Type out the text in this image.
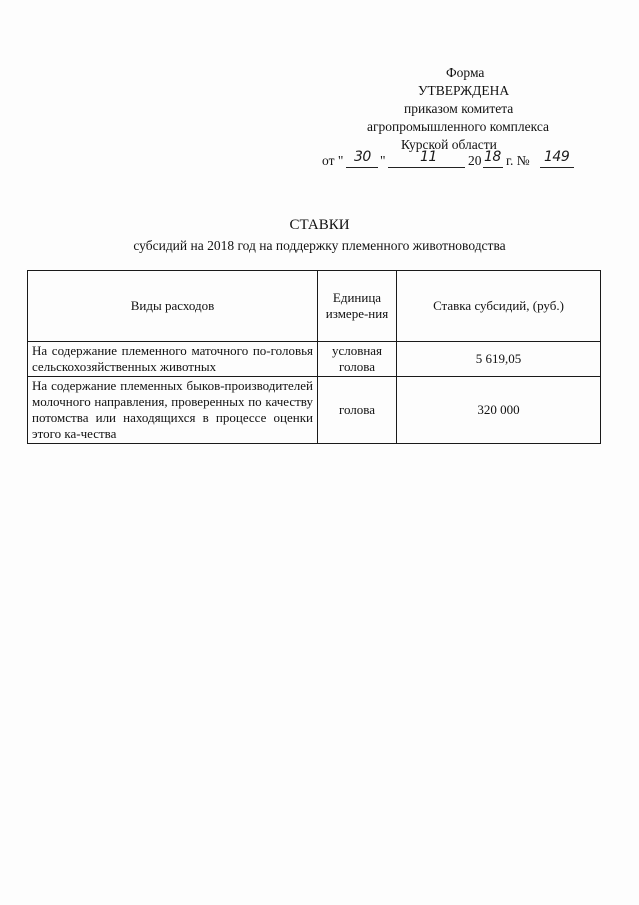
Форма
УТВЕРЖДЕНА
приказом комитета
агропромышленного комплекса
Курской области
от " 30 " 11 20 18 г. № 149
СТАВКИ
субсидий на 2018 год на поддержку племенного животноводства
Виды расходов	Единица измере-ния	Ставка субсидий, (руб.)
На содержание племенного маточного по-головья сельскохозяйственных животных	условная голова	5 619,05
На содержание племенных быков-производителей молочного направления, проверенных по качеству потомства или находящихся в процессе оценки этого ка-чества	голова	320 000
